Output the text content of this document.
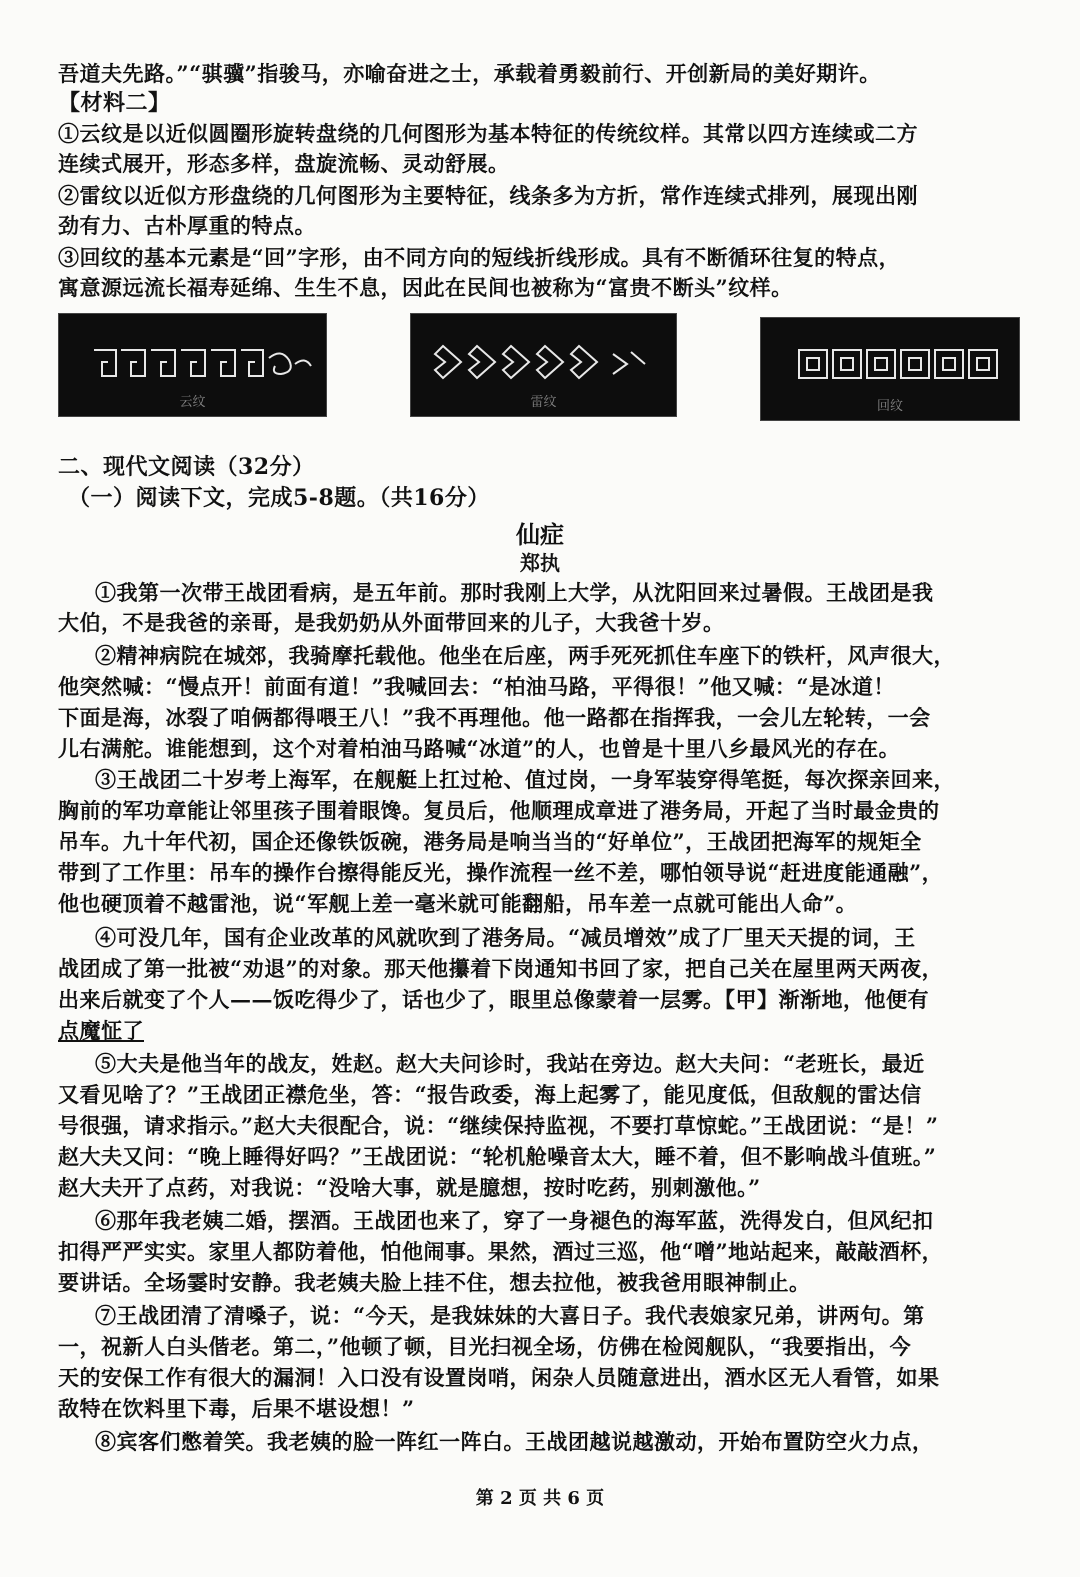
吾道夫先路。”“骐骥”指骏马，亦喻奋进之士，承载着勇毅前行、开创新局的美好期许。
【材料二】
①云纹是以近似圆圈形旋转盘绕的几何图形为基本特征的传统纹样。其常以四方连续或二方
连续式展开，形态多样，盘旋流畅、灵动舒展。
②雷纹以近似方形盘绕的几何图形为主要特征，线条多为方折，常作连续式排列，展现出刚
劲有力、古朴厚重的特点。
③回纹的基本元素是“回”字形，由不同方向的短线折线形成。具有不断循环往复的特点，
寓意源远流长福寿延绵、生生不息，因此在民间也被称为“富贵不断头”纹样。
云纹	雷纹	回纹
二、现代文阅读（32分）
（一）阅读下文，完成5-8题。（共16分）
仙症
郑执
①我第一次带王战团看病，是五年前。那时我刚上大学，从沈阳回来过暑假。王战团是我
大伯，不是我爸的亲哥，是我奶奶从外面带回来的儿子，大我爸十岁。
②精神病院在城郊，我骑摩托载他。他坐在后座，两手死死抓住车座下的铁杆，风声很大，
他突然喊：“慢点开！前面有道！”我喊回去：“柏油马路，平得很！”他又喊：“是冰道！
下面是海，冰裂了咱俩都得喂王八！”我不再理他。他一路都在指挥我，一会儿左轮转，一会
儿右满舵。谁能想到，这个对着柏油马路喊“冰道”的人，也曾是十里八乡最风光的存在。
③王战团二十岁考上海军，在舰艇上扛过枪、值过岗，一身军装穿得笔挺，每次探亲回来，
胸前的军功章能让邻里孩子围着眼馋。复员后，他顺理成章进了港务局，开起了当时最金贵的
吊车。九十年代初，国企还像铁饭碗，港务局是响当当的“好单位”，王战团把海军的规矩全
带到了工作里：吊车的操作台擦得能反光，操作流程一丝不差，哪怕领导说“赶进度能通融”，
他也硬顶着不越雷池，说“军舰上差一毫米就可能翻船，吊车差一点就可能出人命”。
④可没几年，国有企业改革的风就吹到了港务局。“减员增效”成了厂里天天提的词，王
战团成了第一批被“劝退”的对象。那天他攥着下岗通知书回了家，把自己关在屋里两天两夜，
出来后就变了个人——饭吃得少了，话也少了，眼里总像蒙着一层雾。【甲】渐渐地，他便有
点魔怔了
⑤大夫是他当年的战友，姓赵。赵大夫问诊时，我站在旁边。赵大夫问：“老班长，最近
又看见啥了？”王战团正襟危坐，答：“报告政委，海上起雾了，能见度低，但敌舰的雷达信
号很强，请求指示。”赵大夫很配合，说：“继续保持监视，不要打草惊蛇。”王战团说：“是！”
赵大夫又问：“晚上睡得好吗？”王战团说：“轮机舱噪音太大，睡不着，但不影响战斗值班。”
赵大夫开了点药，对我说：“没啥大事，就是臆想，按时吃药，别刺激他。”
⑥那年我老姨二婚，摆酒。王战团也来了，穿了一身褪色的海军蓝，洗得发白，但风纪扣
扣得严严实实。家里人都防着他，怕他闹事。果然，酒过三巡，他“噌”地站起来，敲敲酒杯，
要讲话。全场霎时安静。我老姨夫脸上挂不住，想去拉他，被我爸用眼神制止。
⑦王战团清了清嗓子，说：“今天，是我妹妹的大喜日子。我代表娘家兄弟，讲两句。第
一，祝新人白头偕老。第二，”他顿了顿，目光扫视全场，仿佛在检阅舰队，“我要指出，今
天的安保工作有很大的漏洞！入口没有设置岗哨，闲杂人员随意进出，酒水区无人看管，如果
敌特在饮料里下毒，后果不堪设想！”
⑧宾客们憋着笑。我老姨的脸一阵红一阵白。王战团越说越激动，开始布置防空火力点，
第 2 页 共 6 页
